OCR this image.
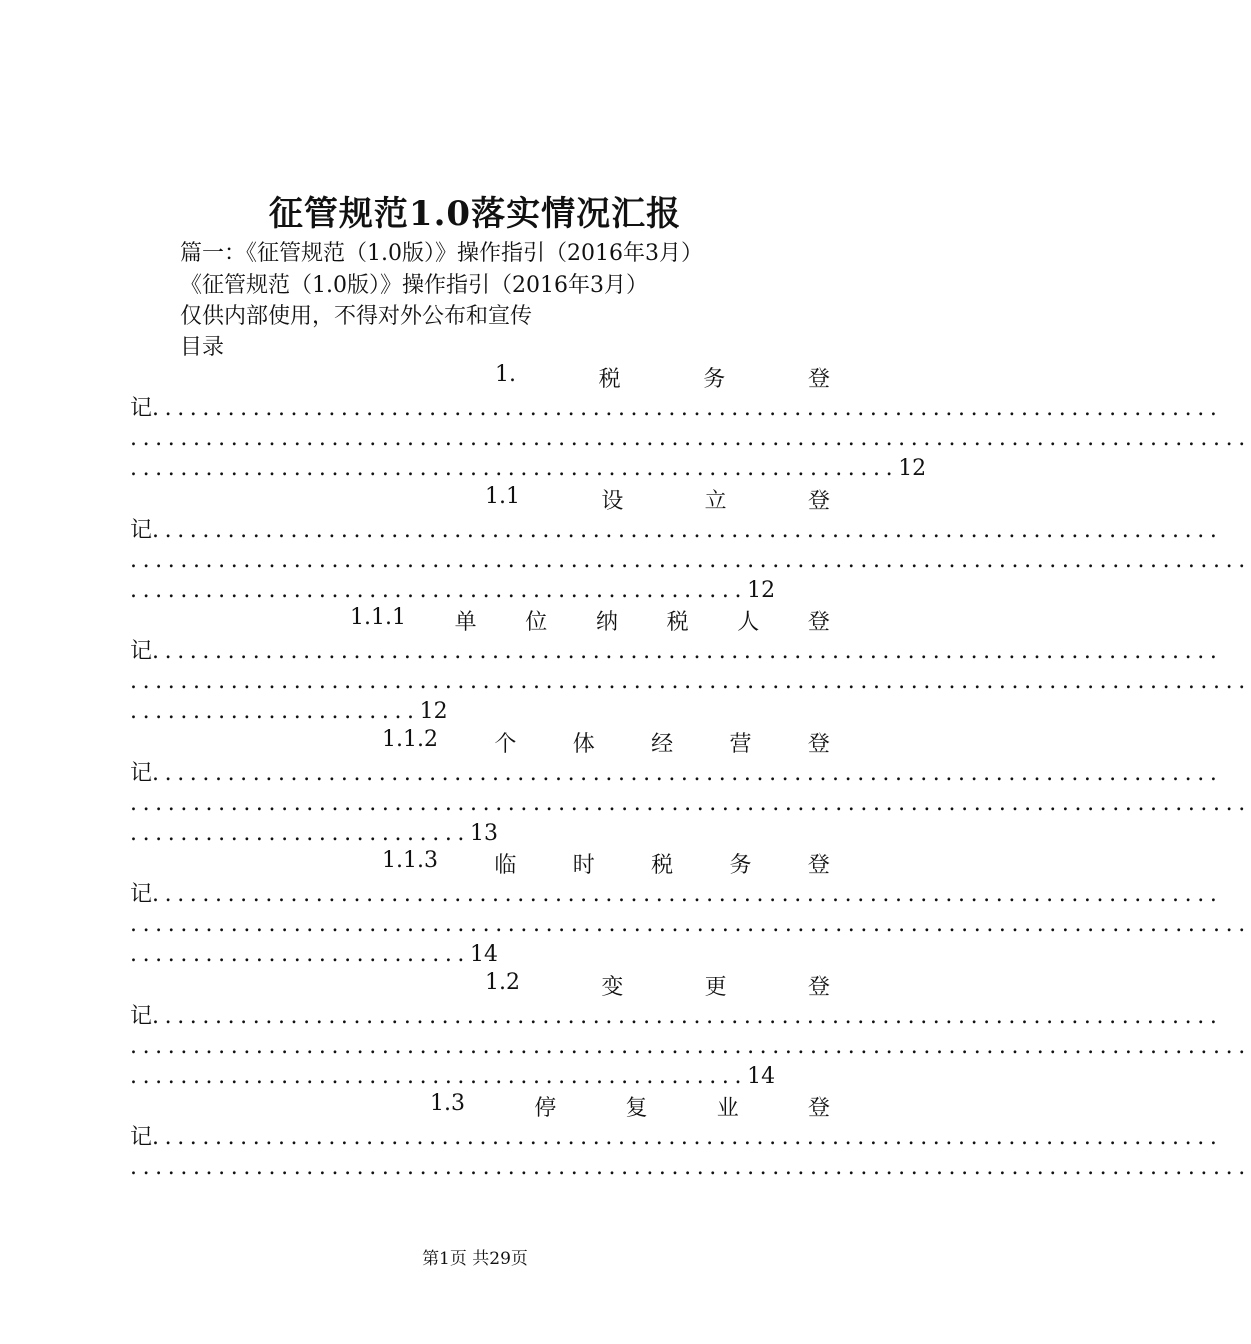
征管规范1.0落实情况汇报
篇一：《征管规范（1.0版）》操作指引（2016年3月）
《征管规范（1.0版）》操作指引（2016年3月）
仅供内部使用，不得对外公布和宣传
目录
1.	税	务	登
记.....................................................................................
.........................................................................................
.............................................................12
1.1	设	立	登
记.....................................................................................
.........................................................................................
.................................................12
1.1.1 单 位 纳 税 人 登
记.....................................................................................
.........................................................................................
.......................12
1.1.2	个	体	经	营	登
记.....................................................................................
.........................................................................................
...........................13
1.1.3	临	时	税	务	登
记.....................................................................................
.........................................................................................
...........................14
1.2	变	更	登
记.....................................................................................
.........................................................................................
.................................................14
1.3	停	复	业	登
记.....................................................................................
.........................................................................................
第1页 共29页
